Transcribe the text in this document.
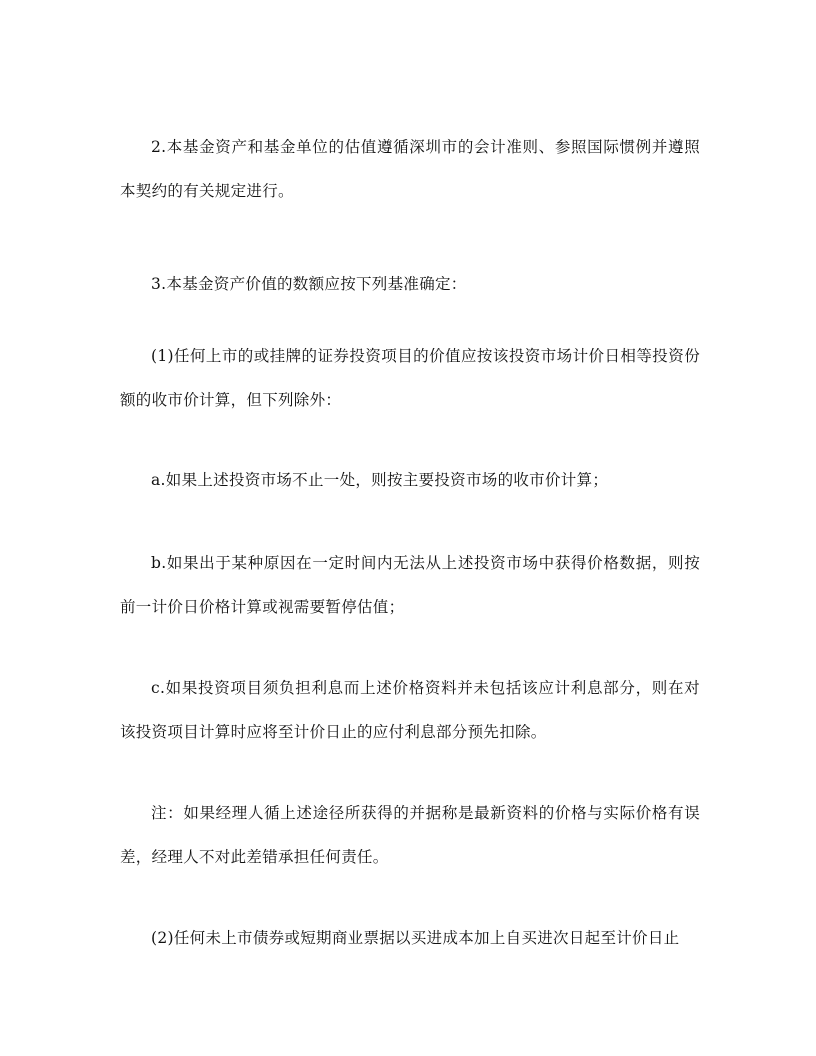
2.本基金资产和基金单位的估值遵循深圳市的会计准则、参照国际惯例并遵照本契约的有关规定进行。

3.本基金资产价值的数额应按下列基准确定：

(1)任何上市的或挂牌的证券投资项目的价值应按该投资市场计价日相等投资份额的收市价计算，但下列除外：

a.如果上述投资市场不止一处，则按主要投资市场的收市价计算；

b.如果出于某种原因在一定时间内无法从上述投资市场中获得价格数据，则按前一计价日价格计算或视需要暂停估值；

c.如果投资项目须负担利息而上述价格资料并未包括该应计利息部分，则在对该投资项目计算时应将至计价日止的应付利息部分预先扣除。

注：如果经理人循上述途径所获得的并据称是最新资料的价格与实际价格有误差，经理人不对此差错承担任何责任。

(2)任何未上市债券或短期商业票据以买进成本加上自买进次日起至计价日止
